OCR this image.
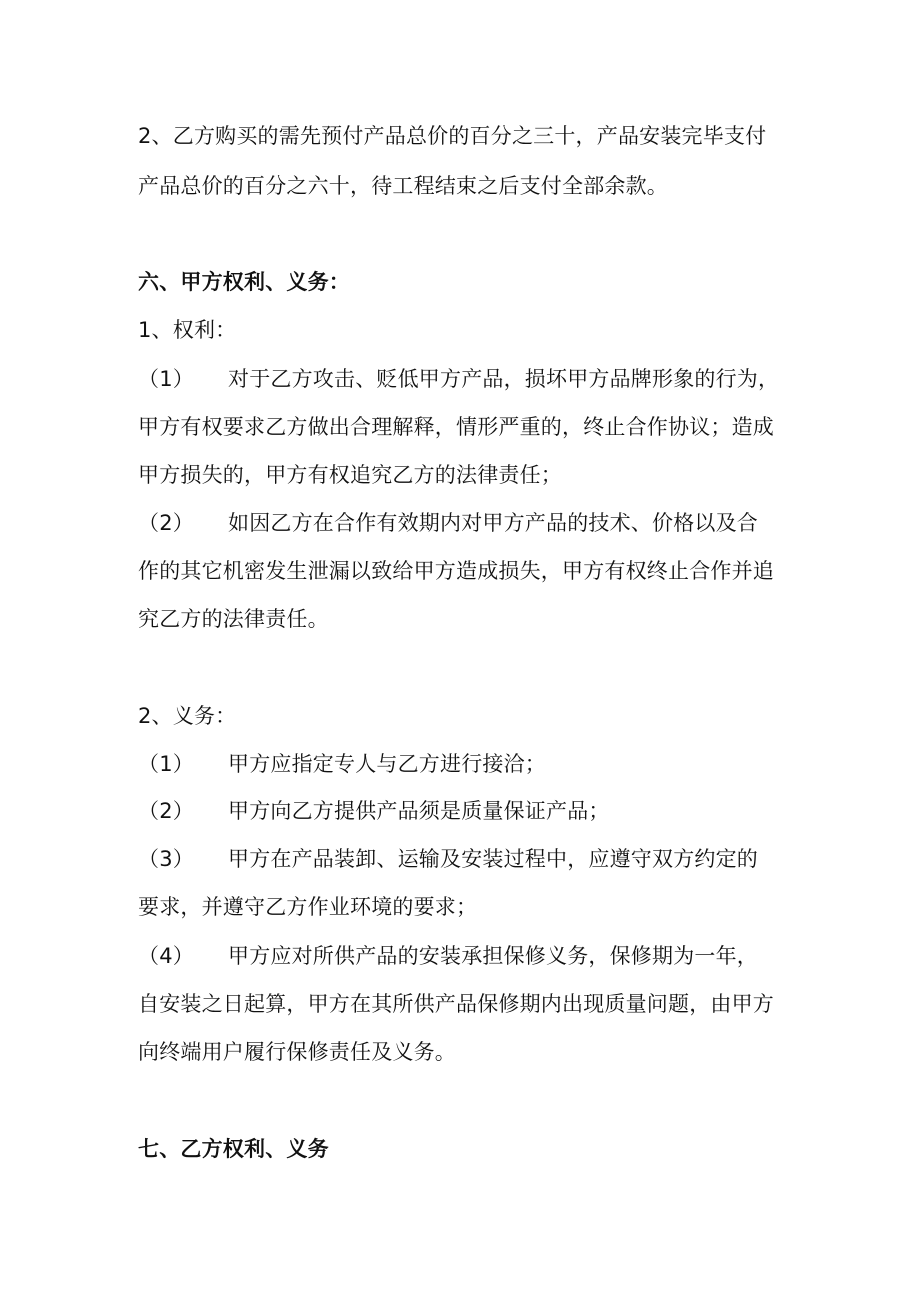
2、乙方购买的需先预付产品总价的百分之三十，产品安装完毕支付
产品总价的百分之六十，待工程结束之后支付全部余款。
六、甲方权利、义务：
1、权利：
（1） 对于乙方攻击、贬低甲方产品，损坏甲方品牌形象的行为，
甲方有权要求乙方做出合理解释，情形严重的，终止合作协议；造成
甲方损失的，甲方有权追究乙方的法律责任；
（2） 如因乙方在合作有效期内对甲方产品的技术、价格以及合
作的其它机密发生泄漏以致给甲方造成损失，甲方有权终止合作并追
究乙方的法律责任。
2、义务：
（1） 甲方应指定专人与乙方进行接洽；
（2） 甲方向乙方提供产品须是质量保证产品；
（3） 甲方在产品装卸、运输及安装过程中，应遵守双方约定的
要求，并遵守乙方作业环境的要求；
（4） 甲方应对所供产品的安装承担保修义务，保修期为一年，
自安装之日起算，甲方在其所供产品保修期内出现质量问题，由甲方
向终端用户履行保修责任及义务。
七、乙方权利、义务
